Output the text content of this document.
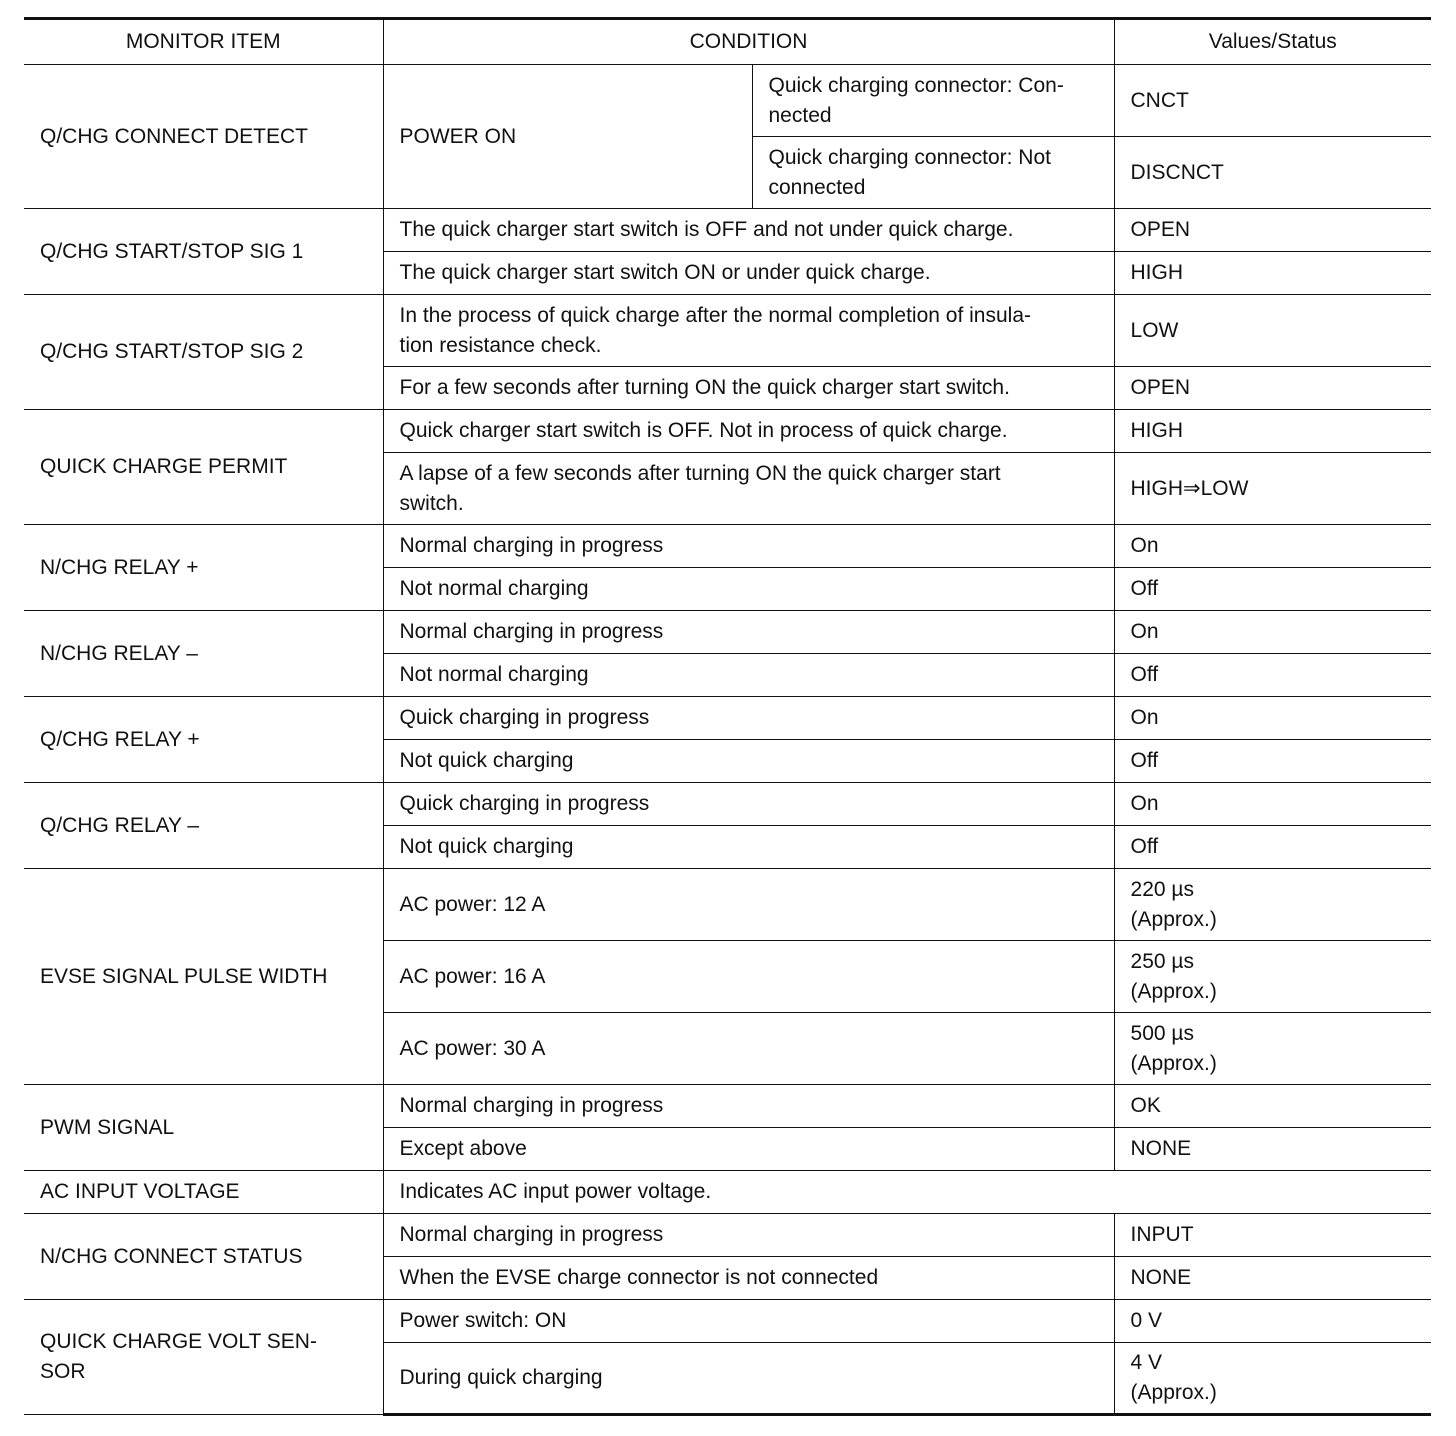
MONITOR ITEM	CONDITION		Values/Status
Q/CHG CONNECT DETECT	POWER ON	Quick charging connector: Con-
nected	CNCT
		Quick charging connector: Not
connected	DISCNCT
Q/CHG START/STOP SIG 1	The quick charger start switch is OFF and not under quick charge.		OPEN
	The quick charger start switch ON or under quick charge.		HIGH
Q/CHG START/STOP SIG 2	In the process of quick charge after the normal completion of insula-
tion resistance check.		LOW
	For a few seconds after turning ON the quick charger start switch.		OPEN
QUICK CHARGE PERMIT	Quick charger start switch is OFF. Not in process of quick charge.		HIGH
	A lapse of a few seconds after turning ON the quick charger start
switch.		HIGH⇒LOW
N/CHG RELAY +	Normal charging in progress		On
	Not normal charging		Off
N/CHG RELAY –	Normal charging in progress		On
	Not normal charging		Off
Q/CHG RELAY +	Quick charging in progress		On
	Not quick charging		Off
Q/CHG RELAY –	Quick charging in progress		On
	Not quick charging		Off
EVSE SIGNAL PULSE WIDTH	AC power: 12 A		220 µs
(Approx.)
	AC power: 16 A		250 µs
(Approx.)
	AC power: 30 A		500 µs
(Approx.)
PWM SIGNAL	Normal charging in progress		OK
	Except above		NONE
AC INPUT VOLTAGE	Indicates AC input power voltage.		
N/CHG CONNECT STATUS	Normal charging in progress		INPUT
	When the EVSE charge connector is not connected		NONE
QUICK CHARGE VOLT SEN-
SOR	Power switch: ON		0 V
	During quick charging		4 V
(Approx.)
